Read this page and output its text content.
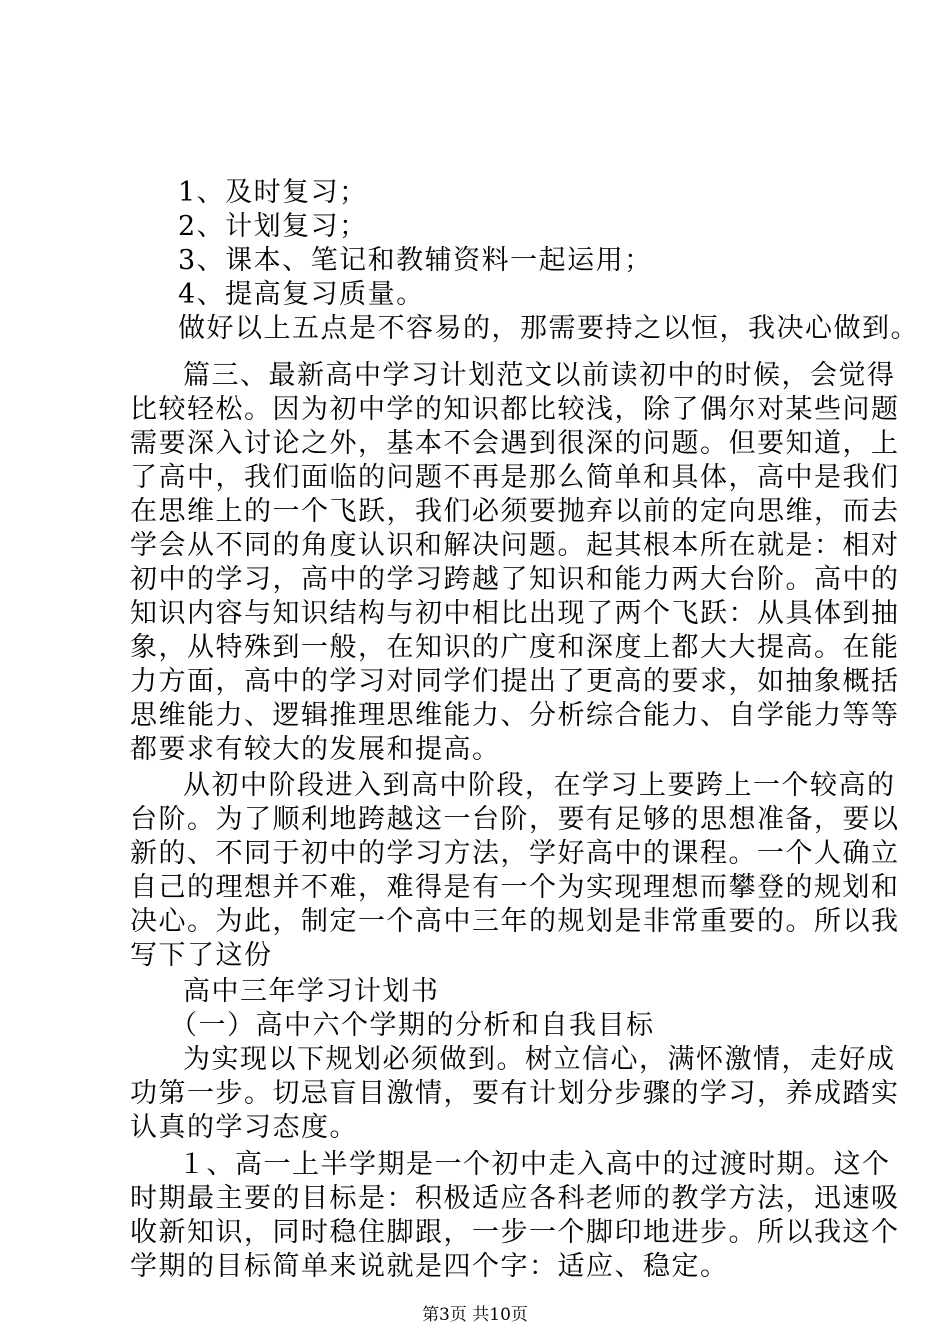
1、及时复习；
2、计划复习；
3、课本、笔记和教辅资料一起运用；
4、提高复习质量。
做好以上五点是不容易的，那需要持之以恒，我决心做到。
篇三、最新高中学习计划范文以前读初中的时候，会觉得
比较轻松。因为初中学的知识都比较浅，除了偶尔对某些问题
需要深入讨论之外，基本不会遇到很深的问题。但要知道，上
了高中，我们面临的问题不再是那么简单和具体，高中是我们
在思维上的一个飞跃，我们必须要抛弃以前的定向思维，而去
学会从不同的角度认识和解决问题。起其根本所在就是：相对
初中的学习，高中的学习跨越了知识和能力两大台阶。高中的
知识内容与知识结构与初中相比出现了两个飞跃：从具体到抽
象，从特殊到一般，在知识的广度和深度上都大大提高。在能
力方面，高中的学习对同学们提出了更高的要求，如抽象概括
思维能力、逻辑推理思维能力、分析综合能力、自学能力等等
都要求有较大的发展和提高。
从初中阶段进入到高中阶段，在学习上要跨上一个较高的
台阶。为了顺利地跨越这一台阶，要有足够的思想准备，要以
新的、不同于初中的学习方法，学好高中的课程。一个人确立
自己的理想并不难，难得是有一个为实现理想而攀登的规划和
决心。为此，制定一个高中三年的规划是非常重要的。所以我
写下了这份
高中三年学习计划书
（一）高中六个学期的分析和自我目标
为实现以下规划必须做到。树立信心，满怀激情，走好成
功第一步。切忌盲目激情，要有计划分步骤的学习，养成踏实
认真的学习态度。
１、高一上半学期是一个初中走入高中的过渡时期。这个
时期最主要的目标是：积极适应各科老师的教学方法，迅速吸
收新知识，同时稳住脚跟，一步一个脚印地进步。所以我这个
学期的目标简单来说就是四个字：适应、稳定。
第3页 共10页
